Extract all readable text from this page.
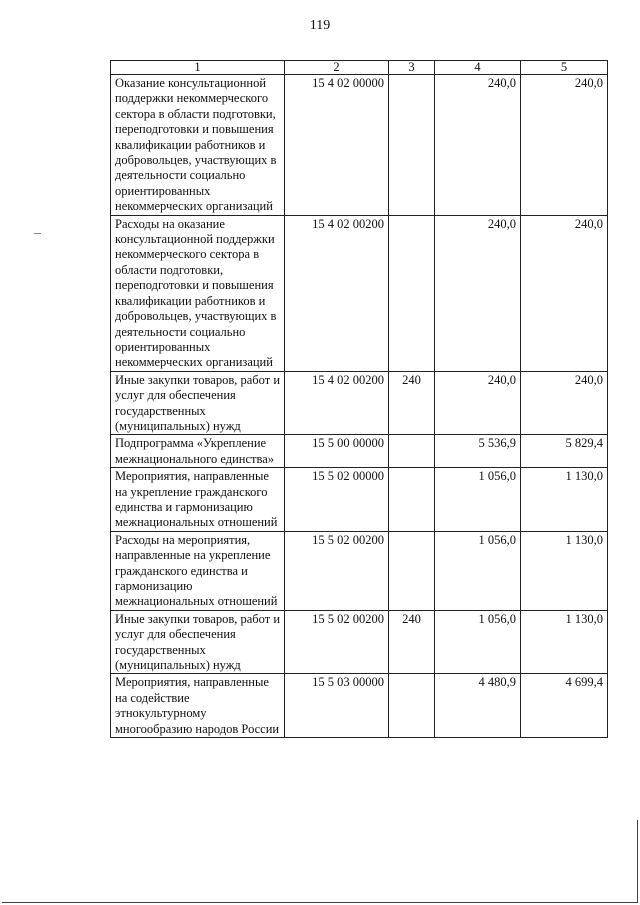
119
1	2	3	4	5
Оказание консультационной поддержки некоммерческого сектора в области подготовки, переподготовки и повышения квалификации работников и добровольцев, участвующих в деятельности социально ориентированных некоммерческих организаций	15 4 02 00000		240,0	240,0
Расходы на оказание консультационной поддержки некоммерческого сектора в области подготовки, переподготовки и повышения квалификации работников и добровольцев, участвующих в деятельности социально ориентированных некоммерческих организаций	15 4 02 00200		240,0	240,0
Иные закупки товаров, работ и услуг для обеспечения государственных (муниципальных) нужд	15 4 02 00200	240	240,0	240,0
Подпрограмма «Укрепление межнационального единства»	15 5 00 00000		5 536,9	5 829,4
Мероприятия, направленные на укрепление гражданского единства и гармонизацию межнациональных отношений	15 5 02 00000		1 056,0	1 130,0
Расходы на мероприятия, направленные на укрепление гражданского единства и гармонизацию межнациональных отношений	15 5 02 00200		1 056,0	1 130,0
Иные закупки товаров, работ и услуг для обеспечения государственных (муниципальных) нужд	15 5 02 00200	240	1 056,0	1 130,0
Мероприятия, направленные на содействие этнокультурному многообразию народов России	15 5 03 00000		4 480,9	4 699,4
